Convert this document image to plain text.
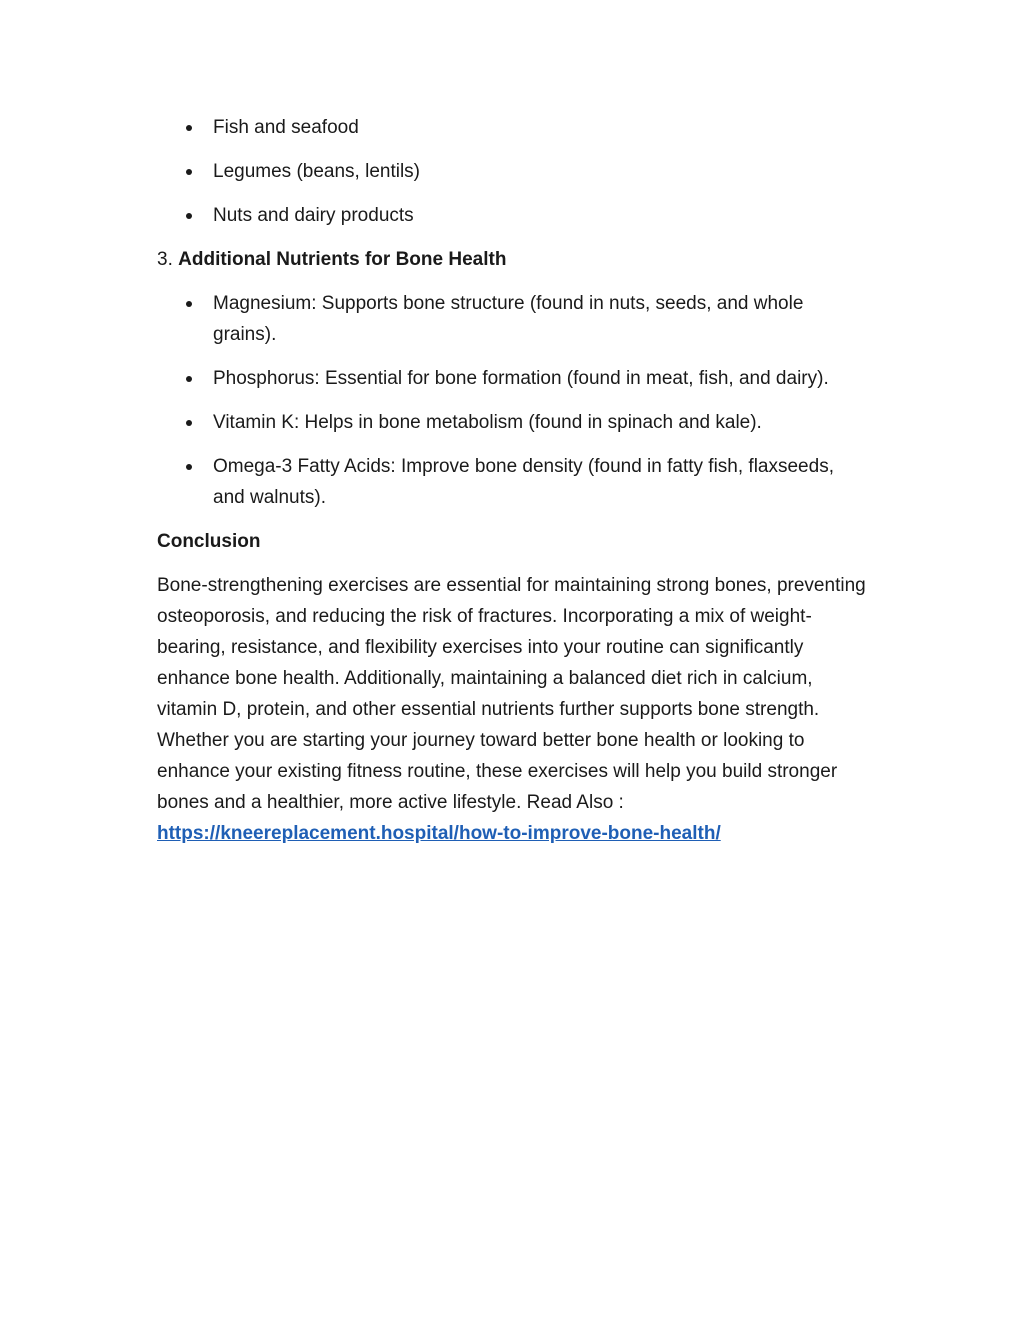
Fish and seafood
Legumes (beans, lentils)
Nuts and dairy products

3. Additional Nutrients for Bone Health

Magnesium: Supports bone structure (found in nuts, seeds, and whole grains).
Phosphorus: Essential for bone formation (found in meat, fish, and dairy).
Vitamin K: Helps in bone metabolism (found in spinach and kale).
Omega-3 Fatty Acids: Improve bone density (found in fatty fish, flaxseeds, and walnuts).

Conclusion

Bone-strengthening exercises are essential for maintaining strong bones, preventing osteoporosis, and reducing the risk of fractures. Incorporating a mix of weight-bearing, resistance, and flexibility exercises into your routine can significantly enhance bone health. Additionally, maintaining a balanced diet rich in calcium, vitamin D, protein, and other essential nutrients further supports bone strength. Whether you are starting your journey toward better bone health or looking to enhance your existing fitness routine, these exercises will help you build stronger bones and a healthier, more active lifestyle. Read Also : https://kneereplacement.hospital/how-to-improve-bone-health/
